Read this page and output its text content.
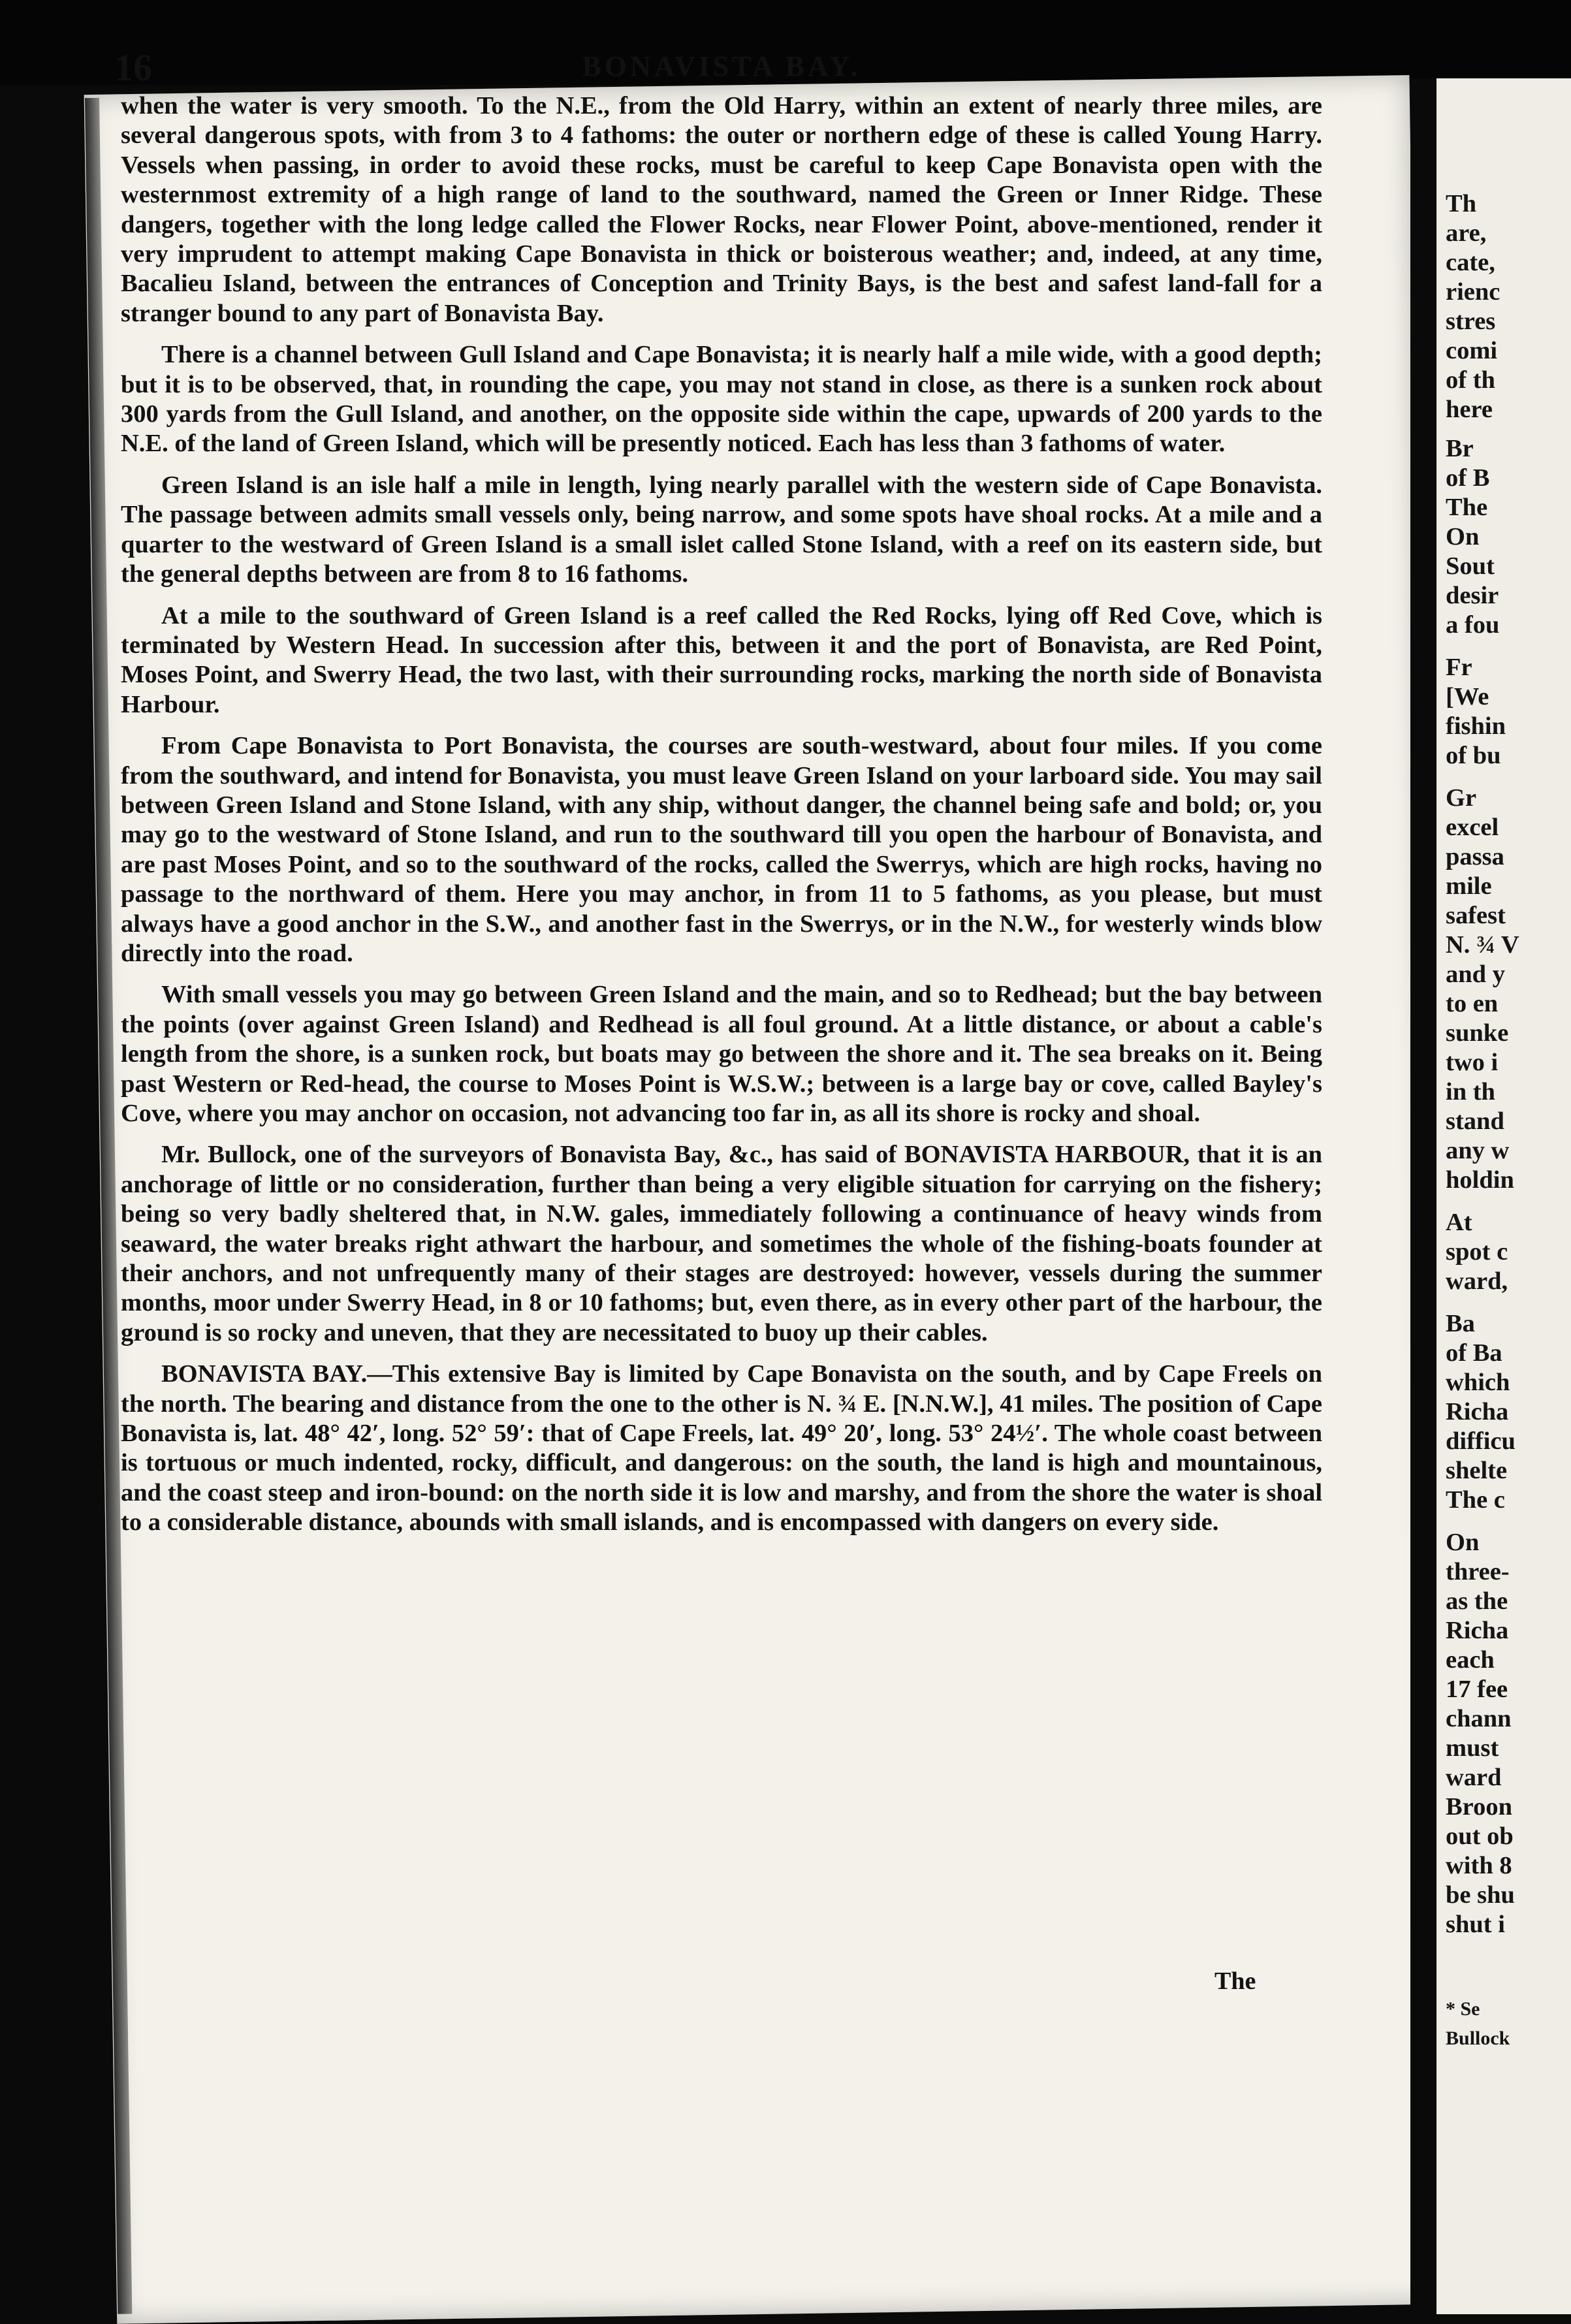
16	BONAVISTA BAY.

when the water is very smooth. To the N.E., from the Old Harry, within an extent of nearly three miles, are several dangerous spots, with from 3 to 4 fathoms: the outer or northern edge of these is called Young Harry. Vessels when passing, in order to avoid these rocks, must be careful to keep Cape Bonavista open with the westernmost extremity of a high range of land to the southward, named the Green or Inner Ridge. These dangers, together with the long ledge called the Flower Rocks, near Flower Point, above-mentioned, render it very imprudent to attempt making Cape Bonavista in thick or boisterous weather; and, indeed, at any time, Bacalieu Island, between the entrances of Conception and Trinity Bays, is the best and safest land-fall for a stranger bound to any part of Bonavista Bay.

There is a channel between Gull Island and Cape Bonavista; it is nearly half a mile wide, with a good depth; but it is to be observed, that, in rounding the cape, you may not stand in close, as there is a sunken rock about 300 yards from the Gull Island, and another, on the opposite side within the cape, upwards of 200 yards to the N.E. of the land of Green Island, which will be presently noticed. Each has less than 3 fathoms of water.

Green Island is an isle half a mile in length, lying nearly parallel with the western side of Cape Bonavista. The passage between admits small vessels only, being narrow, and some spots have shoal rocks. At a mile and a quarter to the westward of Green Island is a small islet called Stone Island, with a reef on its eastern side, but the general depths between are from 8 to 16 fathoms.

At a mile to the southward of Green Island is a reef called the Red Rocks, lying off Red Cove, which is terminated by Western Head. In succession after this, between it and the port of Bonavista, are Red Point, Moses Point, and Swerry Head, the two last, with their surrounding rocks, marking the north side of Bonavista Harbour.

From Cape Bonavista to Port Bonavista, the courses are south-westward, about four miles. If you come from the southward, and intend for Bonavista, you must leave Green Island on your larboard side. You may sail between Green Island and Stone Island, with any ship, without danger, the channel being safe and bold; or, you may go to the westward of Stone Island, and run to the southward till you open the harbour of Bonavista, and are past Moses Point, and so to the southward of the rocks, called the Swerrys, which are high rocks, having no passage to the northward of them. Here you may anchor, in from 11 to 5 fathoms, as you please, but must always have a good anchor in the S.W., and another fast in the Swerrys, or in the N.W., for westerly winds blow directly into the road.

With small vessels you may go between Green Island and the main, and so to Redhead; but the bay between the points (over against Green Island) and Redhead is all foul ground. At a little distance, or about a cable's length from the shore, is a sunken rock, but boats may go between the shore and it. The sea breaks on it. Being past Western or Red-head, the course to Moses Point is W.S.W.; between is a large bay or cove, called Bayley's Cove, where you may anchor on occasion, not advancing too far in, as all its shore is rocky and shoal.

Mr. Bullock, one of the surveyors of Bonavista Bay, &c., has said of BONAVISTA HARBOUR, that it is an anchorage of little or no consideration, further than being a very eligible situation for carrying on the fishery; being so very badly sheltered that, in N.W. gales, immediately following a continuance of heavy winds from seaward, the water breaks right athwart the harbour, and sometimes the whole of the fishing-boats founder at their anchors, and not unfrequently many of their stages are destroyed: however, vessels during the summer months, moor under Swerry Head, in 8 or 10 fathoms; but, even there, as in every other part of the harbour, the ground is so rocky and uneven, that they are necessitated to buoy up their cables.

BONAVISTA BAY.—This extensive Bay is limited by Cape Bonavista on the south, and by Cape Freels on the north. The bearing and distance from the one to the other is N. ¾ E. [N.N.W.], 41 miles. The position of Cape Bonavista is, lat. 48° 42′, long. 52° 59′: that of Cape Freels, lat. 49° 20′, long. 53° 24½′. The whole coast between is tortuous or much indented, rocky, difficult, and dangerous: on the south, the land is high and mountainous, and the coast steep and iron-bound: on the north side it is low and marshy, and from the shore the water is shoal to a considerable distance, abounds with small islands, and is encompassed with dangers on every side.

The
Th
are,
cate,
rienc
stres
comi
of th
here
Br
of B
The
On
Sout
desir
a fou
Fr
[We
fishin
of bu
Gr
excel
passa
mile
safest
N. ¾ V
and y
to en
sunke
two i
in th
stand
any w
holdin
At
spot c
ward,
Ba
of Ba
which
Richa
difficu
shelte
The c
On
three-
as the
Richa
each
17 fee
chann
must
ward
Broon
out ob
with 8
be shu
shut i
* Se
Bullock
